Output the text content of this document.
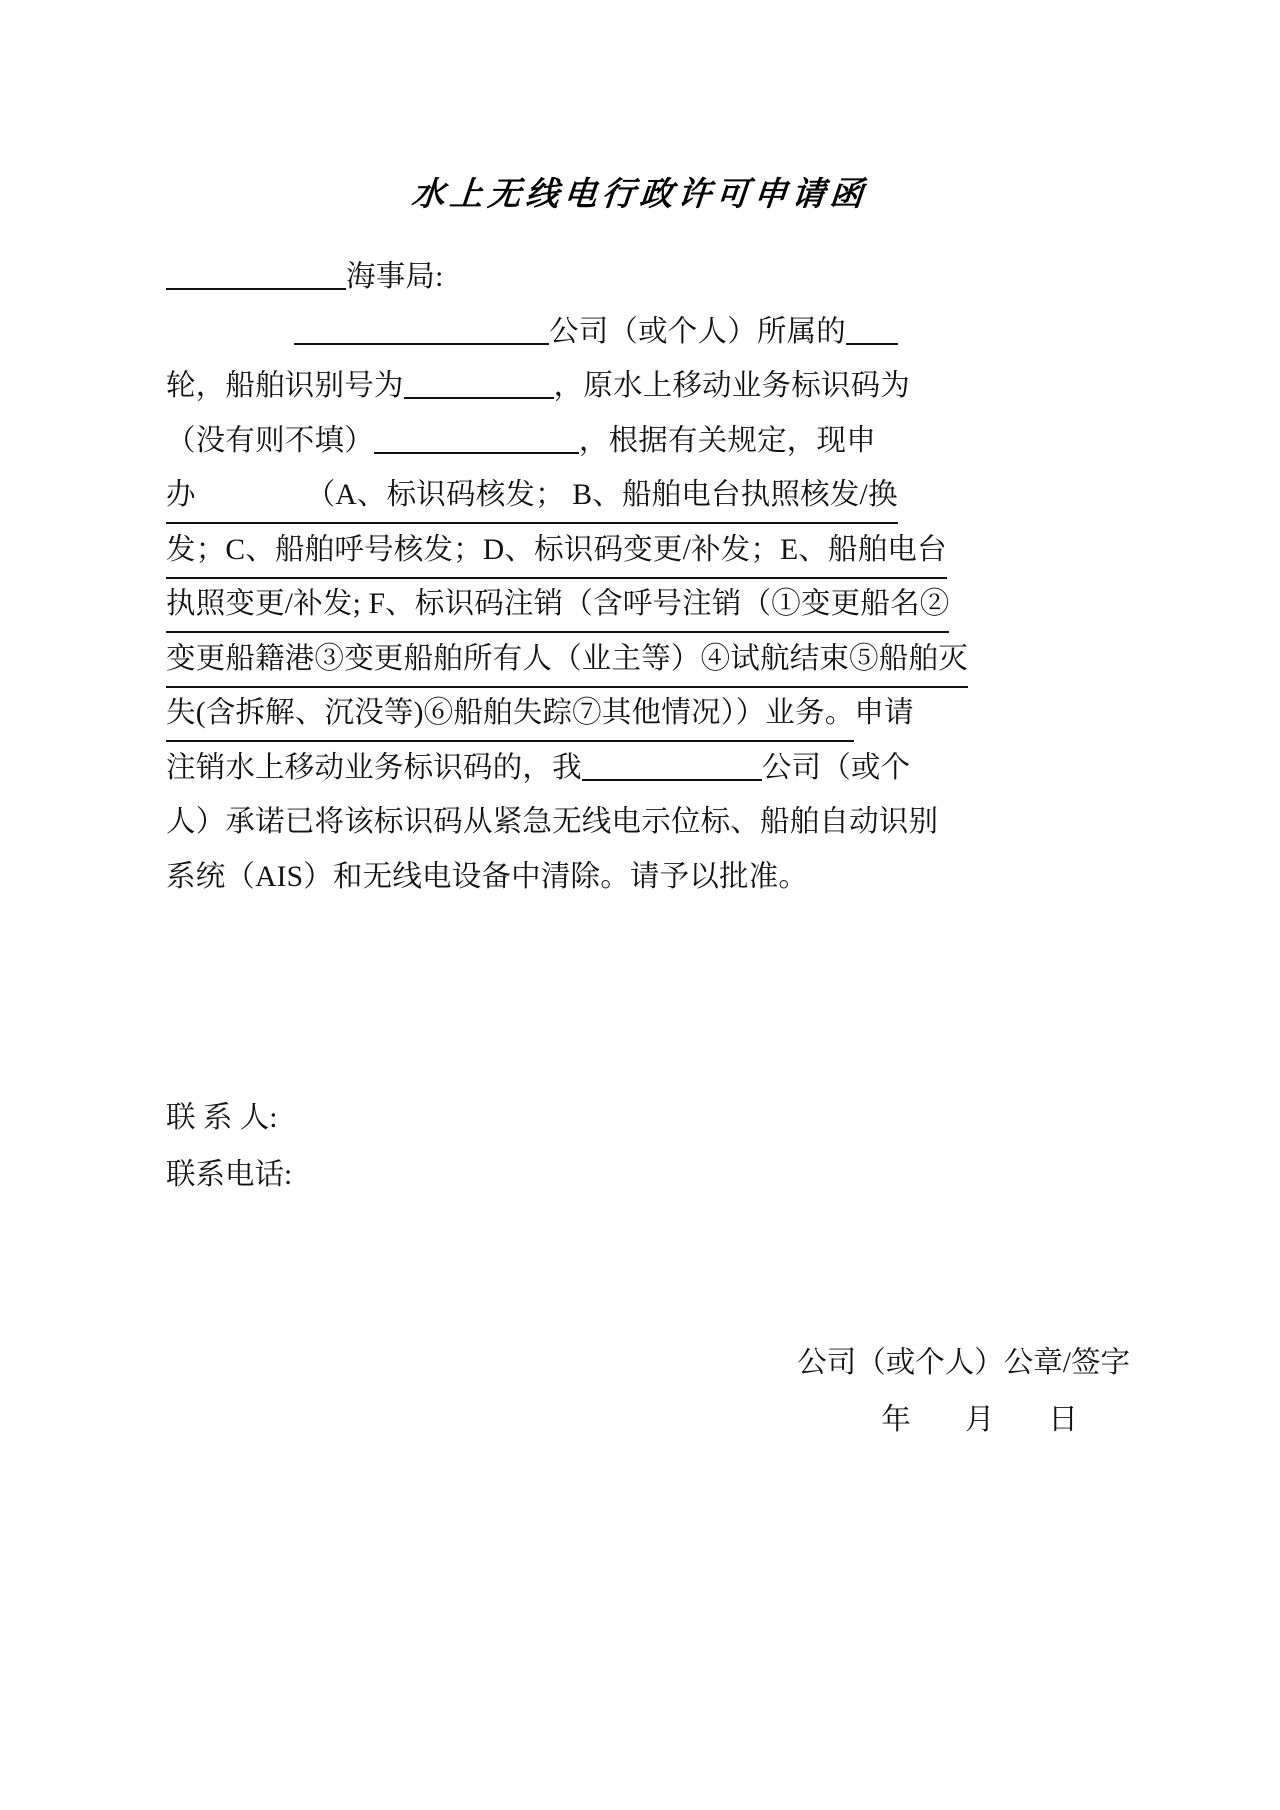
水上无线电行政许可申请函
海事局:
公司（或个人）所属的
轮，船舶识别号为	，原水上移动业务标识码为
（没有则不填）	，根据有关规定，现申
办	（A、标识码核发； B、船舶电台执照核发/换
发；C、船舶呼号核发；D、标识码变更/补发；E、船舶电台
执照变更/补发; F、标识码注销（含呼号注销（①变更船名②
变更船籍港③变更船舶所有人（业主等）④试航结束⑤船舶灭
失(含拆解、沉没等)⑥船舶失踪⑦其他情况））业务。申请
注销水上移动业务标识码的，我	公司（或个
人）承诺已将该标识码从紧急无线电示位标、船舶自动识别
系统（AIS）和无线电设备中清除。请予以批准。
联 系 人:
联系电话:
公司（或个人）公章/签字
年 月 日
